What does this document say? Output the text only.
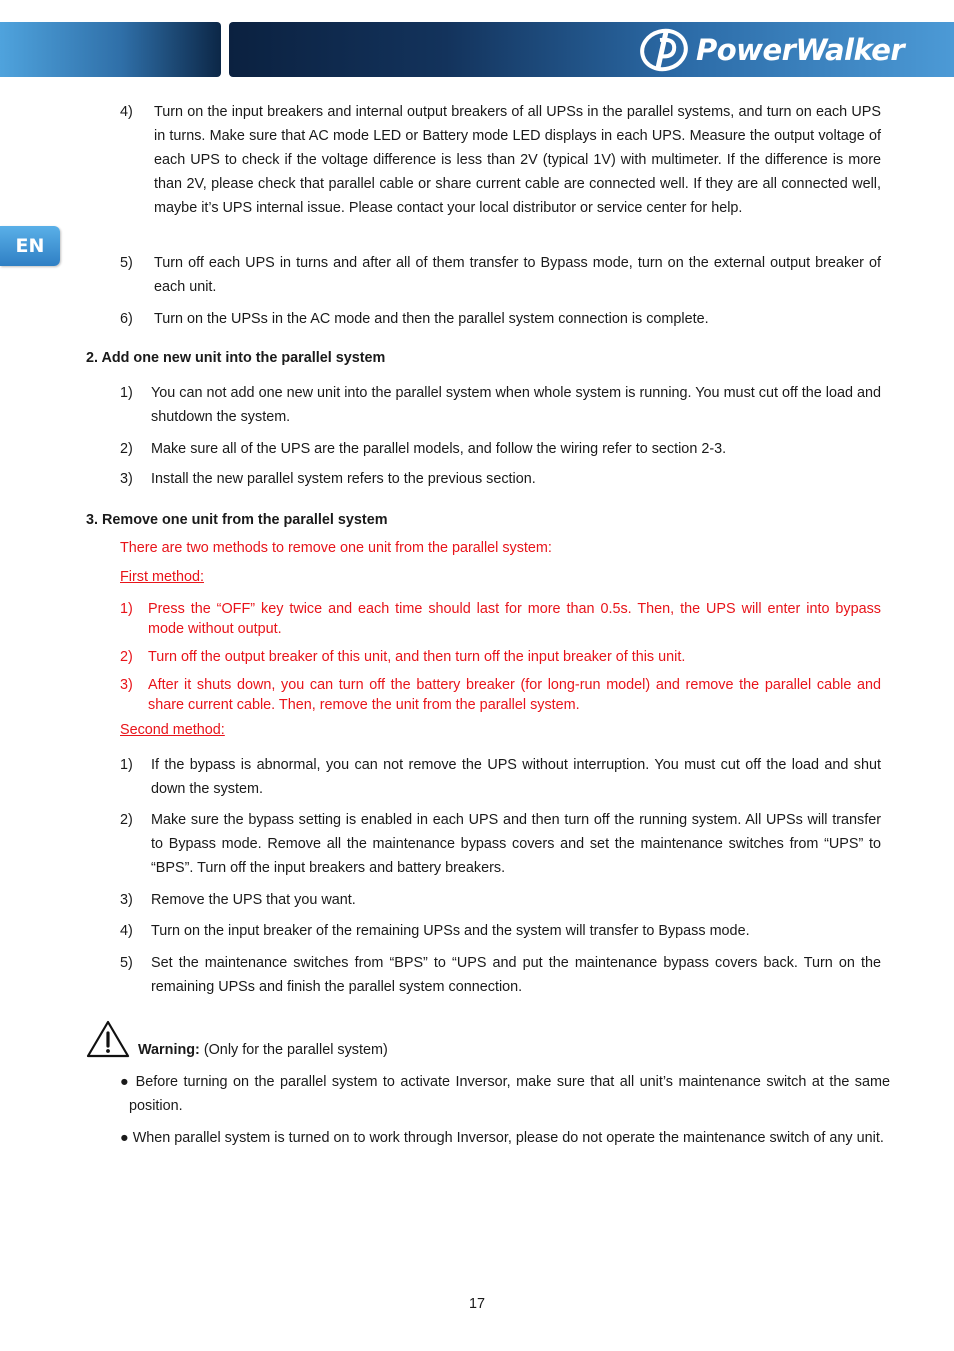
PowerWalker
EN
4) Turn on the input breakers and internal output breakers of all UPSs in the parallel systems, and turn on each UPS in turns. Make sure that AC mode LED or Battery mode LED displays in each UPS. Measure the output voltage of each UPS to check if the voltage difference is less than 2V (typical 1V) with multimeter. If the difference is more than 2V, please check that parallel cable or share current cable are connected well. If they are all connected well, maybe it’s UPS internal issue. Please contact your local distributor or service center for help.
5) Turn off each UPS in turns and after all of them transfer to Bypass mode, turn on the external output breaker of each unit.
6) Turn on the UPSs in the AC mode and then the parallel system connection is complete.
2. Add one new unit into the parallel system
1) You can not add one new unit into the parallel system when whole system is running. You must cut off the load and shutdown the system.
2) Make sure all of the UPS are the parallel models, and follow the wiring refer to section 2-3.
3) Install the new parallel system refers to the previous section.
3. Remove one unit from the parallel system
There are two methods to remove one unit from the parallel system:
First method:
1) Press the “OFF” key twice and each time should last for more than 0.5s. Then, the UPS will enter into bypass mode without output.
2) Turn off the output breaker of this unit, and then turn off the input breaker of this unit.
3) After it shuts down, you can turn off the battery breaker (for long-run model) and remove the parallel cable and share current cable. Then, remove the unit from the parallel system.
Second method:
1) If the bypass is abnormal, you can not remove the UPS without interruption. You must cut off the load and shut down the system.
2) Make sure the bypass setting is enabled in each UPS and then turn off the running system. All UPSs will transfer to Bypass mode. Remove all the maintenance bypass covers and set the maintenance switches from “UPS” to “BPS”. Turn off the input breakers and battery breakers.
3) Remove the UPS that you want.
4) Turn on the input breaker of the remaining UPSs and the system will transfer to Bypass mode.
5) Set the maintenance switches from “BPS” to “UPS and put the maintenance bypass covers back. Turn on the remaining UPSs and finish the parallel system connection.
Warning: (Only for the parallel system)
● Before turning on the parallel system to activate Inversor, make sure that all unit’s maintenance switch at the same position.
● When parallel system is turned on to work through Inversor, please do not operate the maintenance switch of any unit.
17
